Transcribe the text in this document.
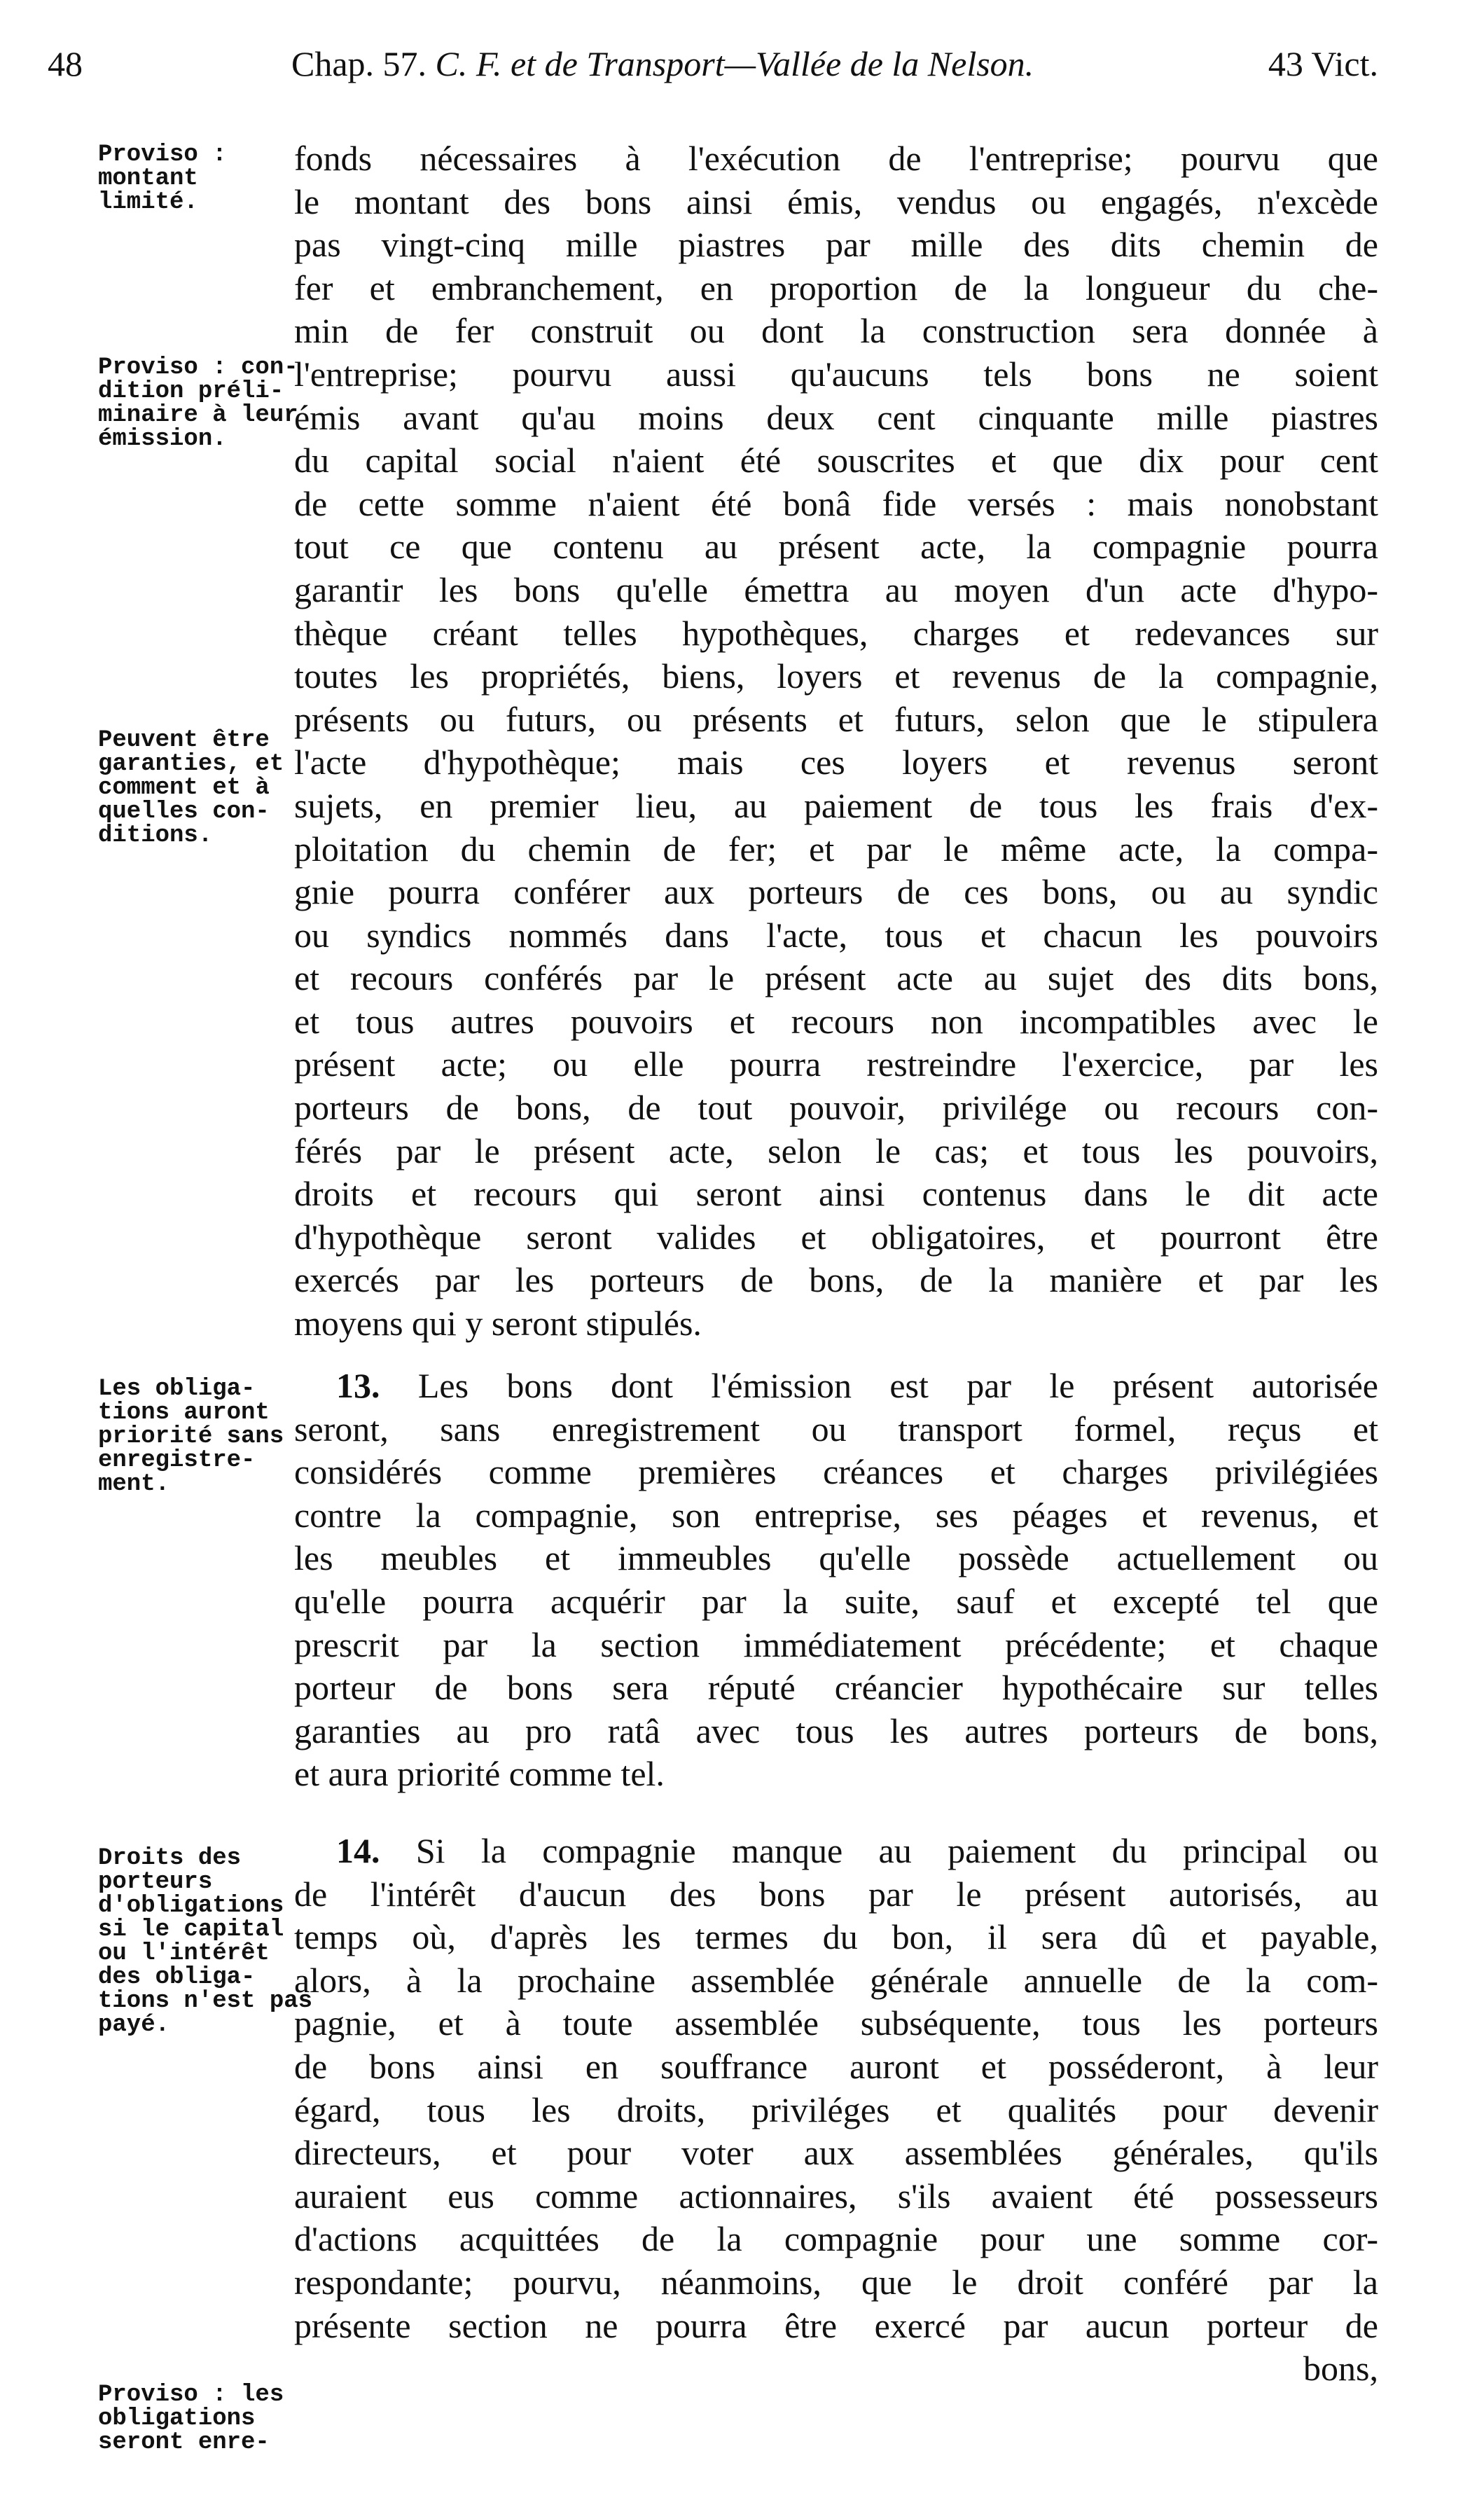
48	Chap. 57. C. F. et de Transport—Vallée de la Nelson.	43 Vict.
Proviso :
montant
limité.
Proviso : con-
dition préli-
minaire à leur
émission.
Peuvent être
garanties, et
comment et à
quelles con-
ditions.
Les obliga-
tions auront
priorité sans
enregistre-
ment.
Droits des
porteurs
d'obligations
si le capital
ou l'intérêt
des obliga-
tions n'est pas
payé.
Proviso : les
obligations
seront enre-
fonds nécessaires à l'exécution de l'entreprise; pourvu que
le montant des bons ainsi émis, vendus ou engagés, n'excède
pas vingt-cinq mille piastres par mille des dits chemin de
fer et embranchement, en proportion de la longueur du che-
min de fer construit ou dont la construction sera donnée à
l'entreprise; pourvu aussi qu'aucuns tels bons ne soient
émis avant qu'au moins deux cent cinquante mille piastres
du capital social n'aient été souscrites et que dix pour cent
de cette somme n'aient été bonâ fide versés : mais nonobstant
tout ce que contenu au présent acte, la compagnie pourra
garantir les bons qu'elle émettra au moyen d'un acte d'hypo-
thèque créant telles hypothèques, charges et redevances sur
toutes les propriétés, biens, loyers et revenus de la compagnie,
présents ou futurs, ou présents et futurs, selon que le stipulera
l'acte d'hypothèque; mais ces loyers et revenus seront
sujets, en premier lieu, au paiement de tous les frais d'ex-
ploitation du chemin de fer; et par le même acte, la compa-
gnie pourra conférer aux porteurs de ces bons, ou au syndic
ou syndics nommés dans l'acte, tous et chacun les pouvoirs
et recours conférés par le présent acte au sujet des dits bons,
et tous autres pouvoirs et recours non incompatibles avec le
présent acte; ou elle pourra restreindre l'exercice, par les
porteurs de bons, de tout pouvoir, privilége ou recours con-
férés par le présent acte, selon le cas; et tous les pouvoirs,
droits et recours qui seront ainsi contenus dans le dit acte
d'hypothèque seront valides et obligatoires, et pourront être
exercés par les porteurs de bons, de la manière et par les
moyens qui y seront stipulés.
13. Les bons dont l'émission est par le présent autorisée
seront, sans enregistrement ou transport formel, reçus et
considérés comme premières créances et charges privilégiées
contre la compagnie, son entreprise, ses péages et revenus, et
les meubles et immeubles qu'elle possède actuellement ou
qu'elle pourra acquérir par la suite, sauf et excepté tel que
prescrit par la section immédiatement précédente; et chaque
porteur de bons sera réputé créancier hypothécaire sur telles
garanties au pro ratâ avec tous les autres porteurs de bons,
et aura priorité comme tel.
14. Si la compagnie manque au paiement du principal ou
de l'intérêt d'aucun des bons par le présent autorisés, au
temps où, d'après les termes du bon, il sera dû et payable,
alors, à la prochaine assemblée générale annuelle de la com-
pagnie, et à toute assemblée subséquente, tous les porteurs
de bons ainsi en souffrance auront et posséderont, à leur
égard, tous les droits, priviléges et qualités pour devenir
directeurs, et pour voter aux assemblées générales, qu'ils
auraient eus comme actionnaires, s'ils avaient été possesseurs
d'actions acquittées de la compagnie pour une somme cor-
respondante; pourvu, néanmoins, que le droit conféré par la
présente section ne pourra être exercé par aucun porteur de
bons,
